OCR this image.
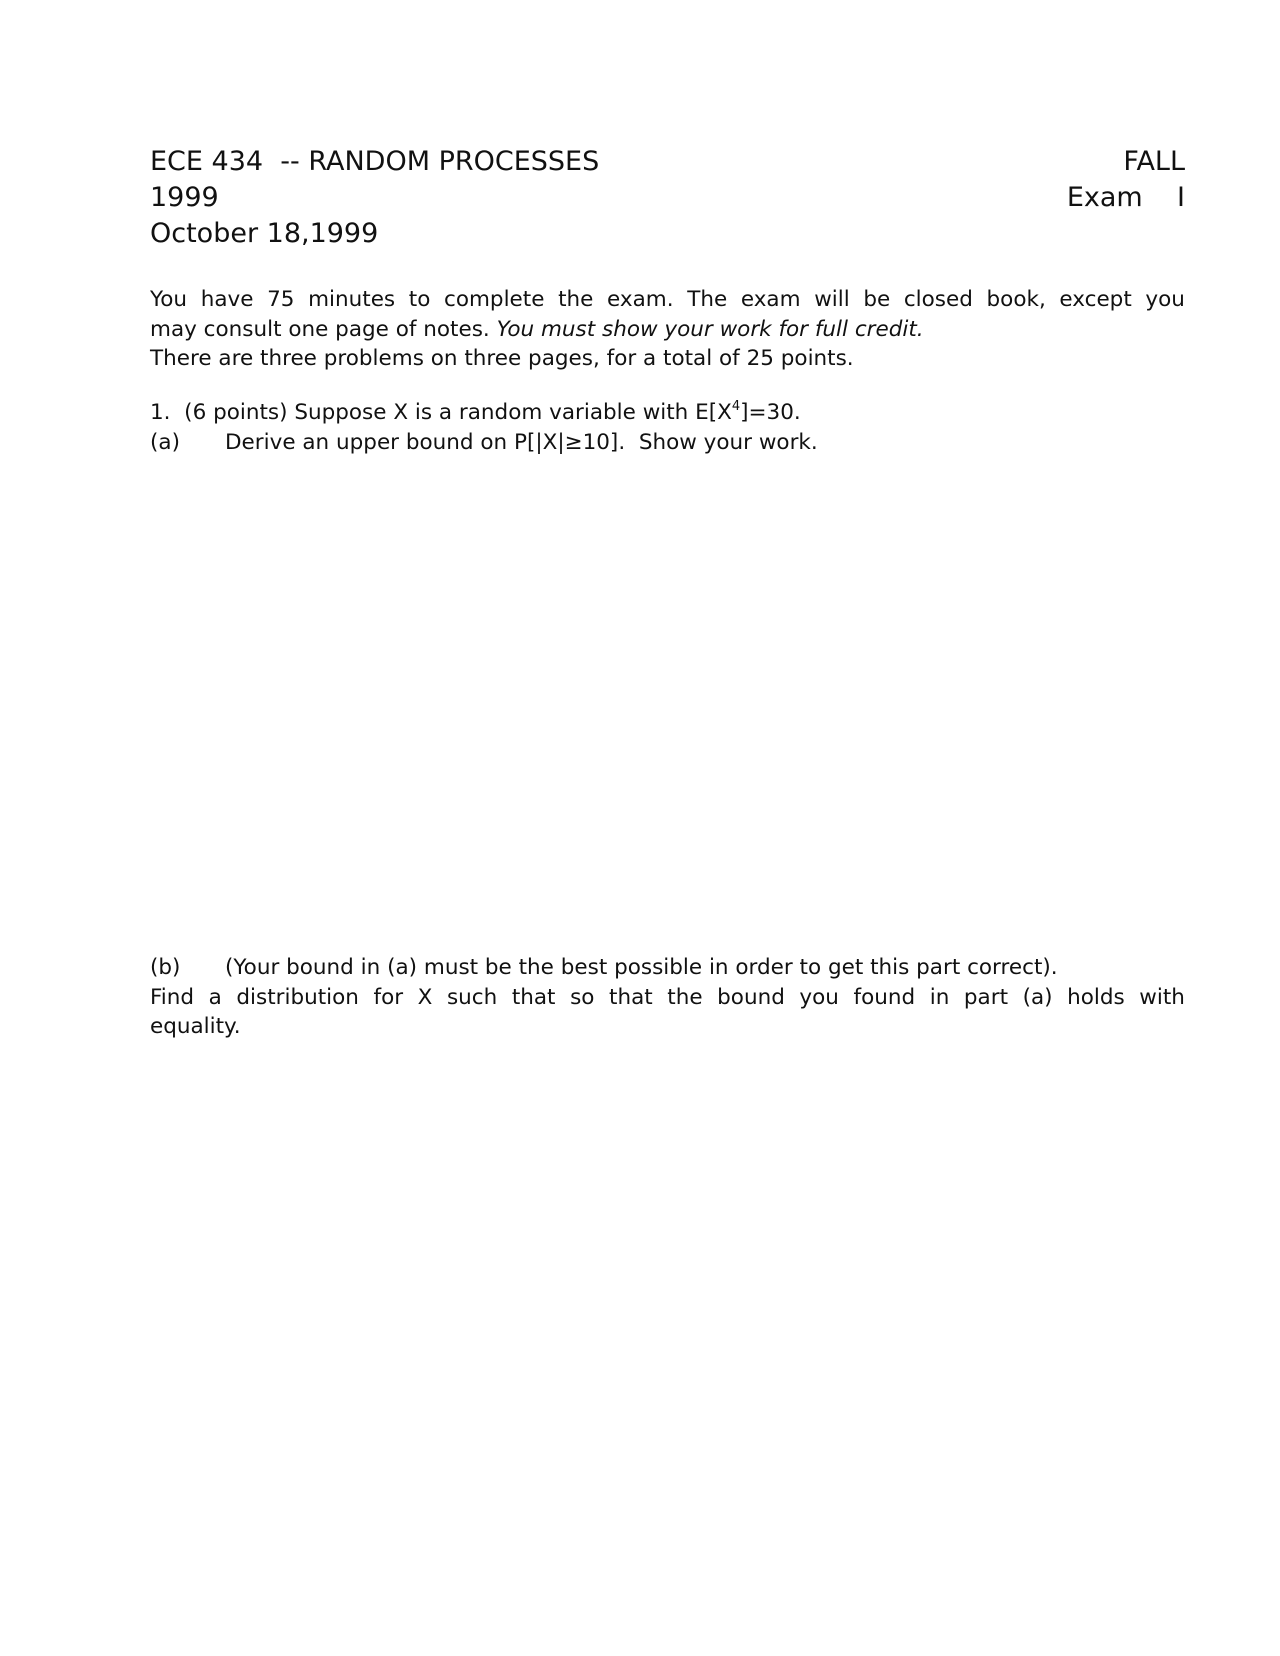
ECE 434  -- RANDOM PROCESSES	FALL
1999	Exam    I
October 18,1999
You have 75 minutes to complete the exam. The exam will be closed book, except you
may consult one page of notes. You must show your work for full credit.
There are three problems on three pages, for a total of 25 points.
1.  (6 points) Suppose X is a random variable with $E[X^4]=30$.
(a) Derive an upper bound on P[|X|≥10].  Show your work.
(b) (Your bound in (a) must be the best possible in order to get this part correct).
Find a distribution for X such that so that the bound you found in part (a) holds with
equality.
